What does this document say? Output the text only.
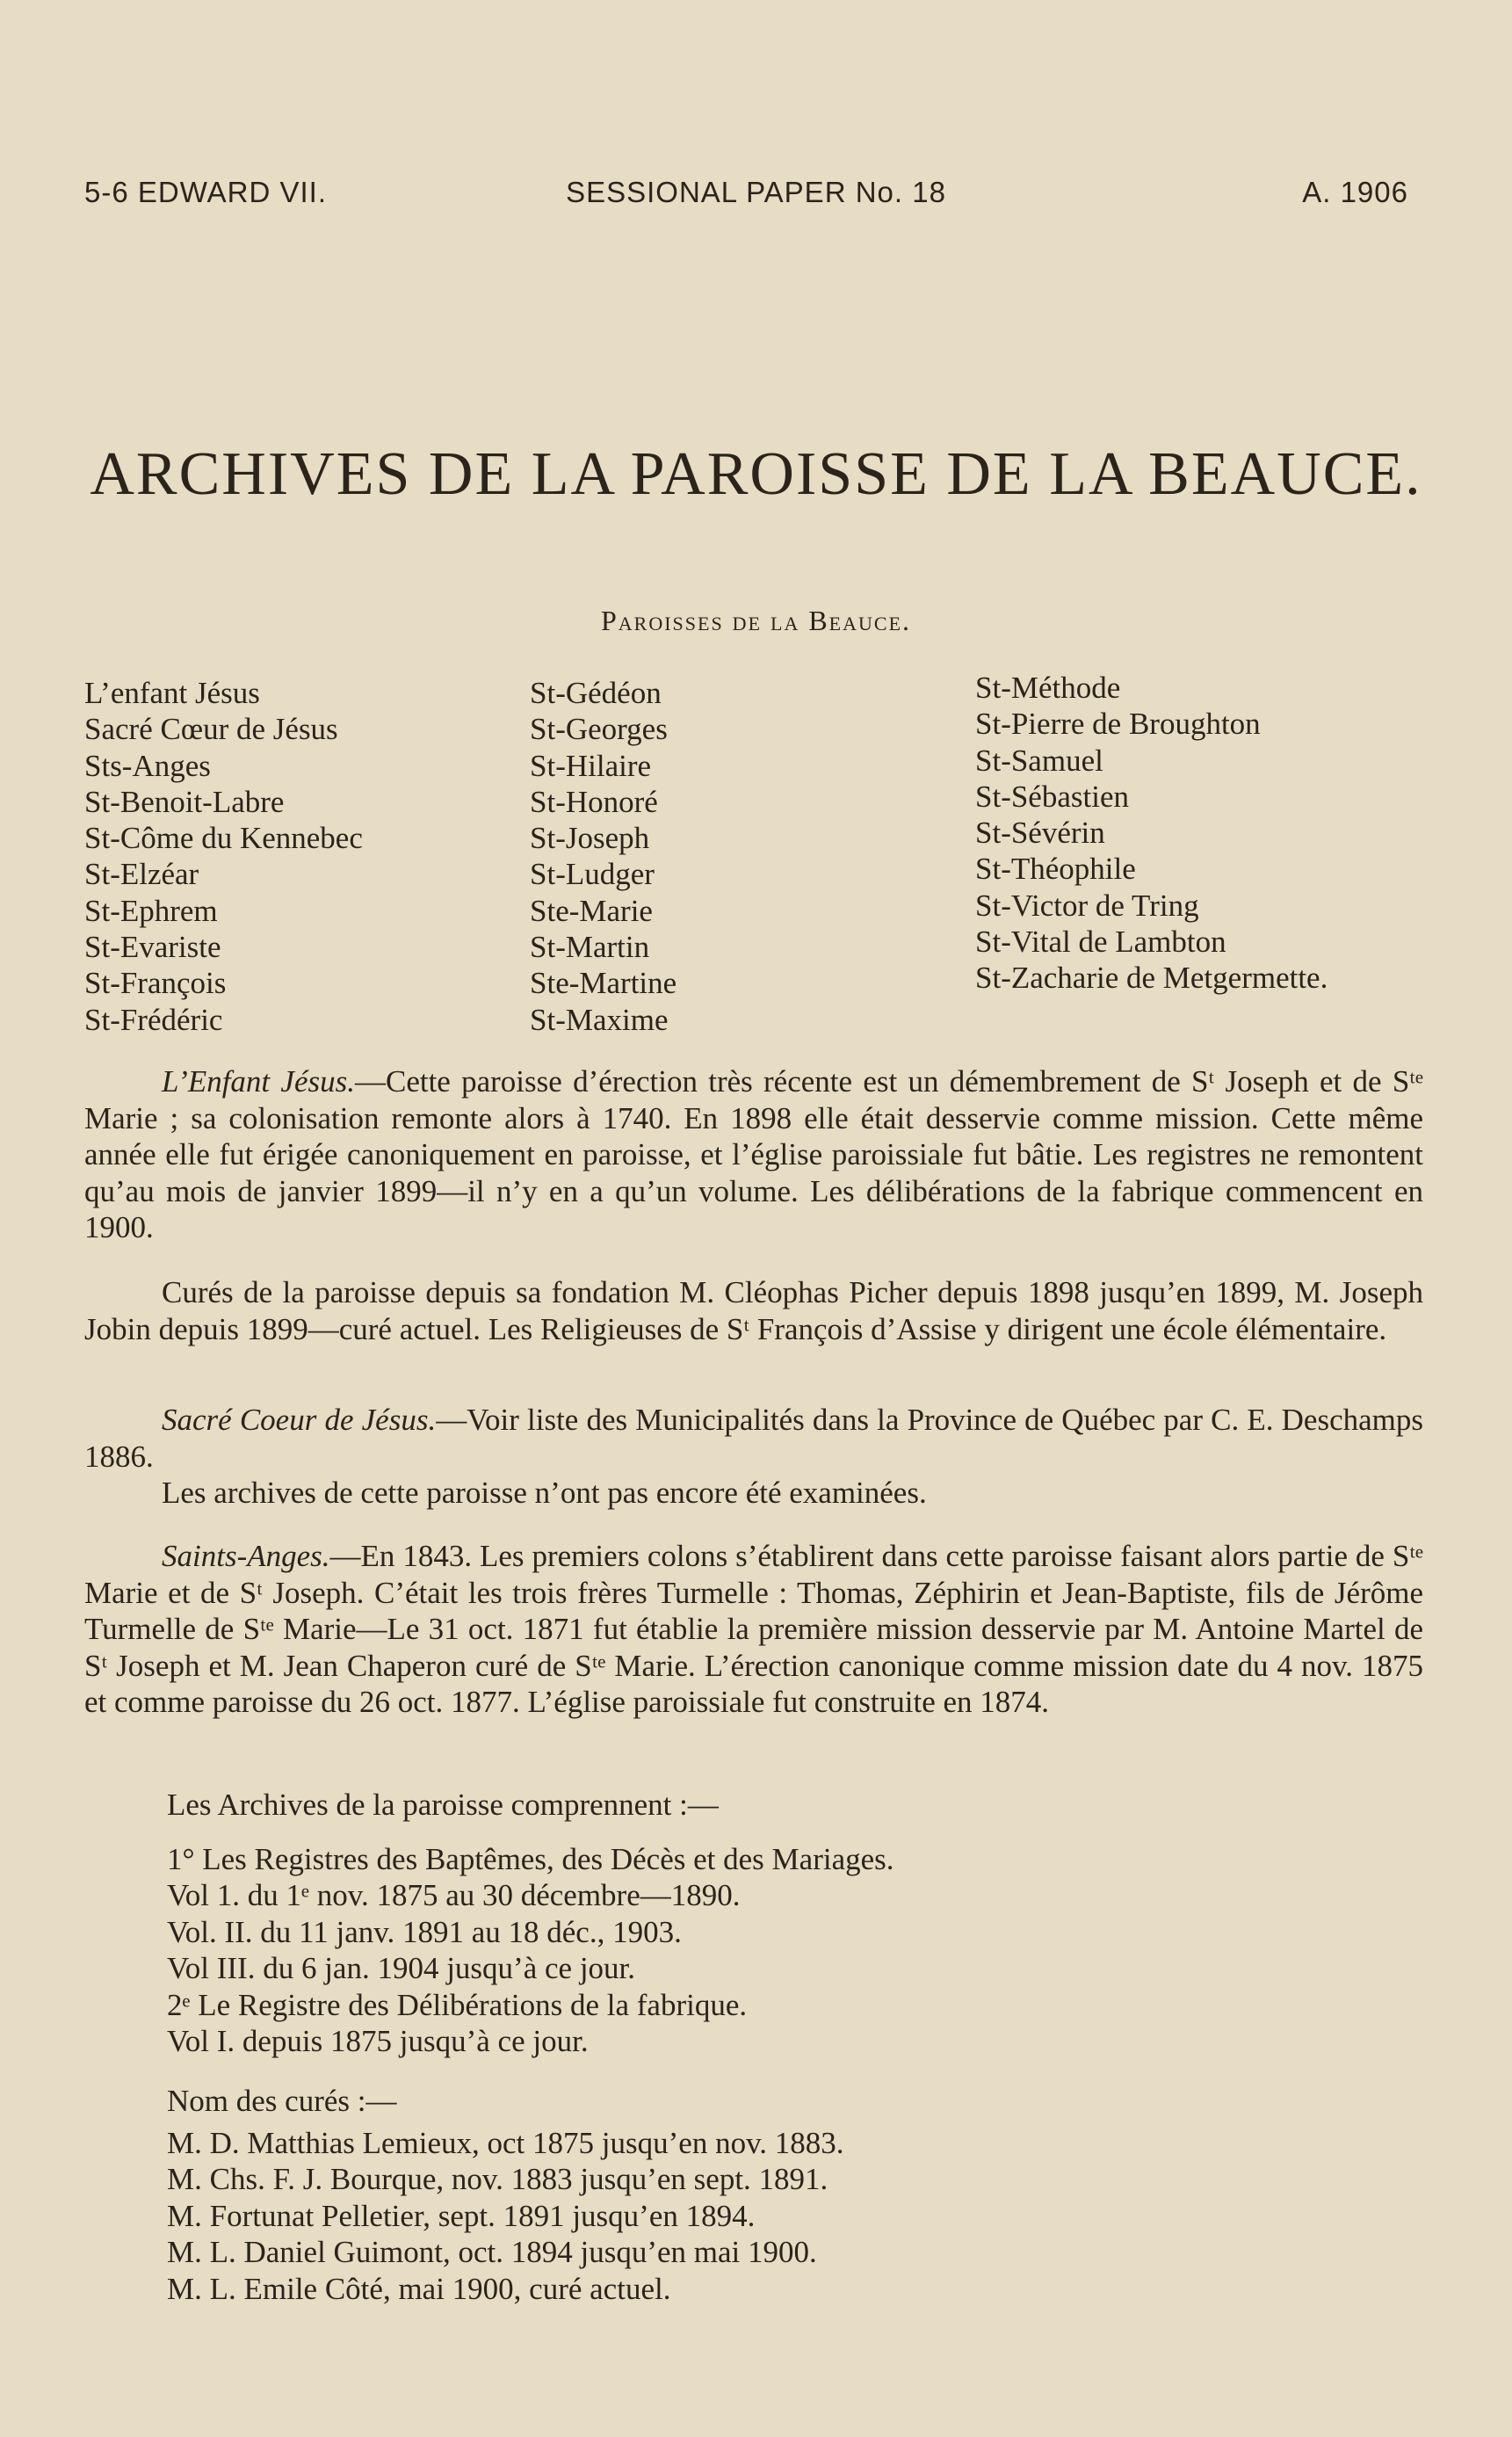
5-6 EDWARD VII.	SESSIONAL PAPER No. 18	A. 1906
ARCHIVES DE LA PAROISSE DE LA BEAUCE.
Paroisses de la Beauce.
L’enfant Jésus
Sacré Cœur de Jésus
Sts-Anges
St-Benoit-Labre
St-Côme du Kennebec
St-Elzéar
St-Ephrem
St-Evariste
St-François
St-Frédéric
St-Gédéon
St-Georges
St-Hilaire
St-Honoré
St-Joseph
St-Ludger
Ste-Marie
St-Martin
Ste-Martine
St-Maxime
St-Méthode
St-Pierre de Broughton
St-Samuel
St-Sébastien
St-Sévérin
St-Théophile
St-Victor de Tring
St-Vital de Lambton
St-Zacharie de Metgermette.

L’Enfant Jésus.—Cette paroisse d’érection très récente est un démembrement de Sᵗ Joseph et de Sᵗᵉ Marie ; sa colonisation remonte alors à 1740. En 1898 elle était desservie comme mission. Cette même année elle fut érigée canoniquement en paroisse, et l’église paroissiale fut bâtie. Les registres ne remontent qu’au mois de janvier 1899—il n’y en a qu’un volume. Les délibérations de la fabrique commencent en 1900.

Curés de la paroisse depuis sa fondation M. Cléophas Picher depuis 1898 jusqu’en 1899, M. Joseph Jobin depuis 1899—curé actuel. Les Religieuses de Sᵗ François d’Assise y dirigent une école élémentaire.

Sacré Coeur de Jésus.—Voir liste des Municipalités dans la Province de Québec par C. E. Deschamps 1886.

Les archives de cette paroisse n’ont pas encore été examinées.

Saints-Anges.—En 1843. Les premiers colons s’établirent dans cette paroisse faisant alors partie de Sᵗᵉ Marie et de Sᵗ Joseph. C’était les trois frères Turmelle : Thomas, Zéphirin et Jean-Baptiste, fils de Jérôme Turmelle de Sᵗᵉ Marie—Le 31 oct. 1871 fut établie la première mission desservie par M. Antoine Martel de Sᵗ Joseph et M. Jean Chaperon curé de Sᵗᵉ Marie. L’érection canonique comme mission date du 4 nov. 1875 et comme paroisse du 26 oct. 1877. L’église paroissiale fut construite en 1874.

Les Archives de la paroisse comprennent :—
1° Les Registres des Baptêmes, des Décès et des Mariages.
Vol 1. du 1ᵉ nov. 1875 au 30 décembre—1890.
Vol. II. du 11 janv. 1891 au 18 déc., 1903.
Vol III. du 6 jan. 1904 jusqu’à ce jour.
2ᵉ Le Registre des Délibérations de la fabrique.
Vol I. depuis 1875 jusqu’à ce jour.
Nom des curés :—
M. D. Matthias Lemieux, oct 1875 jusqu’en nov. 1883.
M. Chs. F. J. Bourque, nov. 1883 jusqu’en sept. 1891.
M. Fortunat Pelletier, sept. 1891 jusqu’en 1894.
M. L. Daniel Guimont, oct. 1894 jusqu’en mai 1900.
M. L. Emile Côté, mai 1900, curé actuel.
